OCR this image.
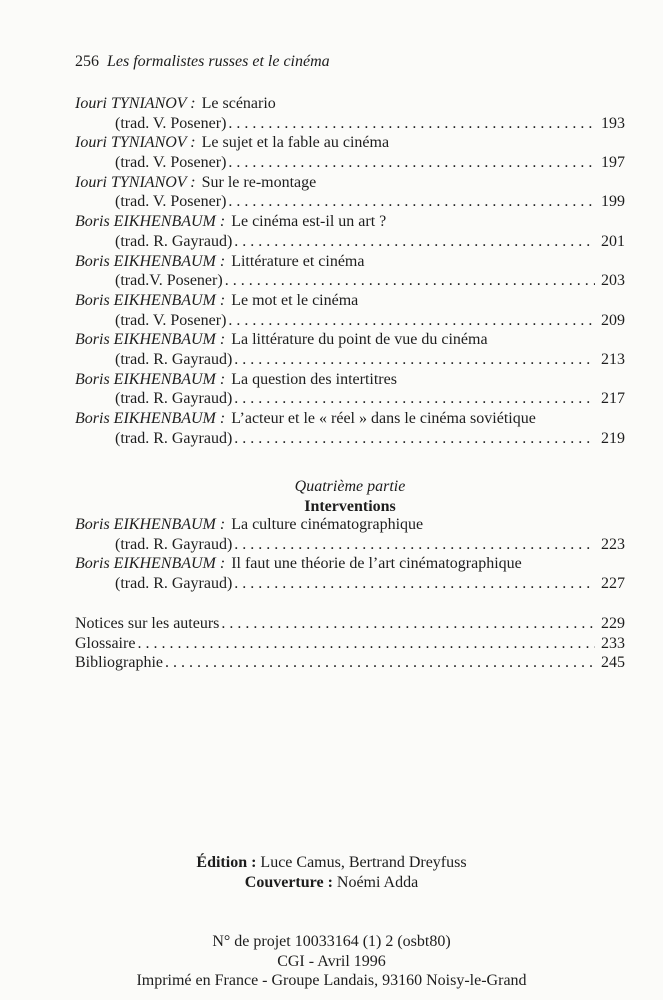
256 Les formalistes russes et le cinéma
Iouri TYNIANOV : Le scénario
(trad. V. Posener) . . .	193
Iouri TYNIANOV : Le sujet et la fable au cinéma
(trad. V. Posener) . . .	197
Iouri TYNIANOV : Sur le re-montage
(trad. V. Posener) . . .	199
Boris EIKHENBAUM : Le cinéma est-il un art ?
(trad. R. Gayraud) . . .	201
Boris EIKHENBAUM : Littérature et cinéma
(trad.V. Posener) . . .	203
Boris EIKHENBAUM : Le mot et le cinéma
(trad. V. Posener) . . .	209
Boris EIKHENBAUM : La littérature du point de vue du cinéma
(trad. R. Gayraud) . . .	213
Boris EIKHENBAUM : La question des intertitres
(trad. R. Gayraud) . . .	217
Boris EIKHENBAUM : L’acteur et le « réel » dans le cinéma soviétique
(trad. R. Gayraud) . . .	219
Quatrième partie
Interventions
Boris EIKHENBAUM : La culture cinématographique
(trad. R. Gayraud) . . .	223
Boris EIKHENBAUM : Il faut une théorie de l’art cinématographique
(trad. R. Gayraud) . . .	227
Notices sur les auteurs . . .	229
Glossaire . . .	233
Bibliographie . . .	245
Édition : Luce Camus, Bertrand Dreyfuss
Couverture : Noémi Adda
N° de projet 10033164 (1) 2 (osbt80)
CGI - Avril 1996
Imprimé en France - Groupe Landais, 93160 Noisy-le-Grand
